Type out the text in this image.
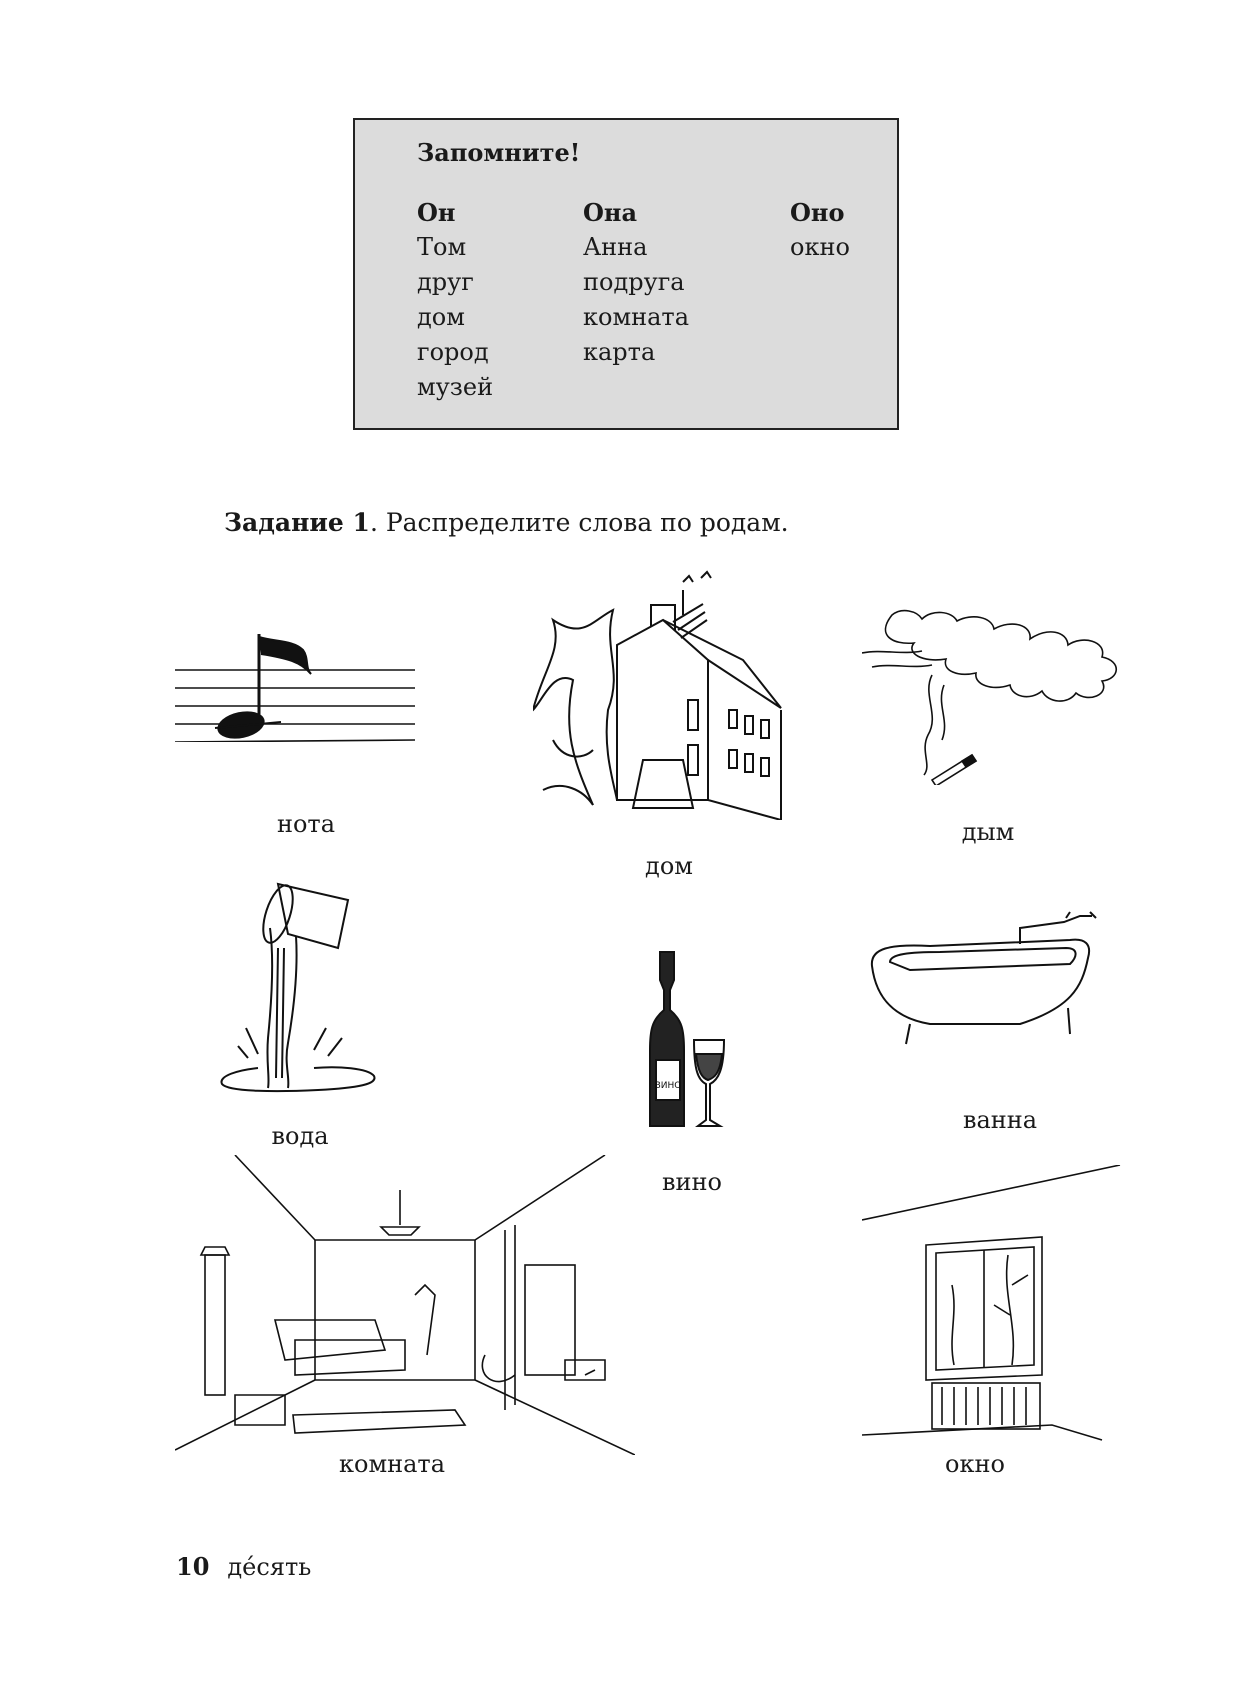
Запомните!
Он
Том
друг
дом
город
музей
Она
Анна
подруга
комната
карта
Оно
окно
Задание 1. Распределите слова по родам.
нота
дом
дым
вода
ВИНО
вино
ванна
комната	окно
10 де́сять
